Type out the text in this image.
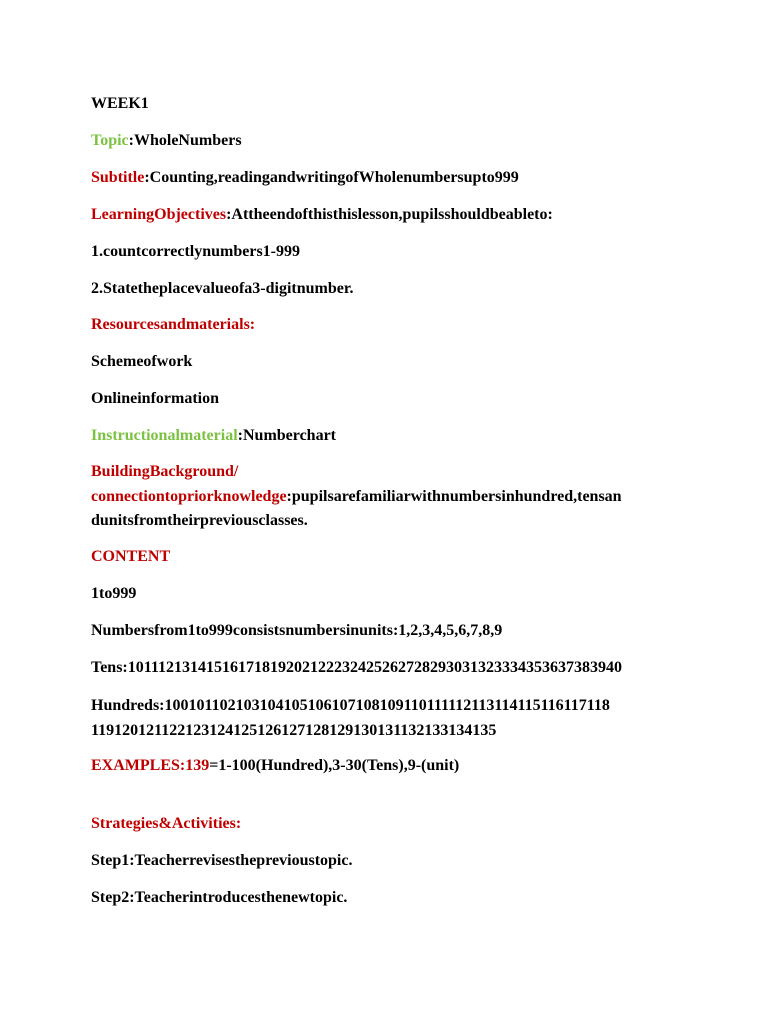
WEEK1

Topic:WholeNumbers

Subtitle:Counting,readingandwritingofWholenumbersupto999

LearningObjectives:Attheendofthisthislesson,pupilsshouldbeableto:

1.countcorrectlynumbers1-999

2.Statetheplacevalueofa3-digitnumber.

Resourcesandmaterials:

Schemeofwork

Onlineinformation

Instructionalmaterial:Numberchart

BuildingBackground/
connectiontopriorknowledge:pupilsarefamiliarwithnumbersinhundred,tensan
dunitsfromtheirpreviousclasses.

CONTENT

1to999

Numbersfrom1to999consistsnumbersinunits:1,2,3,4,5,6,7,8,9

Tens:1011121314151617181920212223242526272829303132333435363738394​0

Hundreds:1001011021031041051061071081091101111121131141151161171​18
1191201211221231241251261271281291301311321331341​35

EXAMPLES:139=1-100(Hundred),3-30(Tens),9-(unit)

Strategies&Activities:

Step1:Teacherrevisestheprevioustopic.

Step2:Teacherintroducesthenewtopic.
